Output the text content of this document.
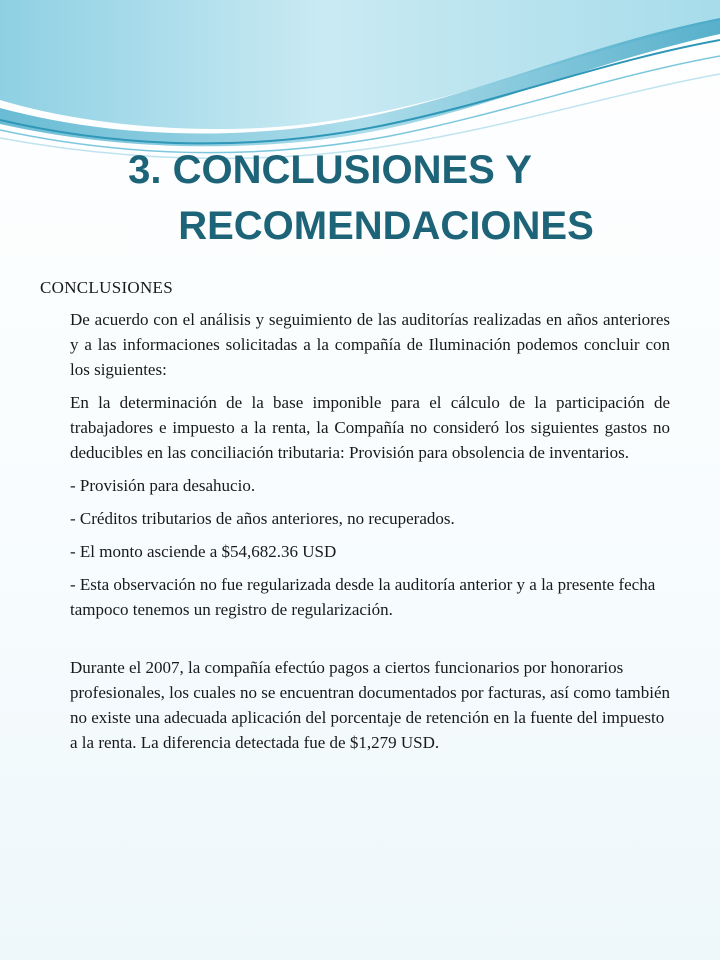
3. CONCLUSIONES Y
RECOMENDACIONES
CONCLUSIONES

De acuerdo con el análisis y seguimiento de las auditorías realizadas en años anteriores y a las informaciones solicitadas a la compañía de Iluminación podemos concluir con los siguientes:

En la determinación de la base imponible para el cálculo de la participación de trabajadores e impuesto a la renta, la Compañía no consideró los siguientes gastos no deducibles en las conciliación tributaria: Provisión para obsolencia de inventarios.

- Provisión para desahucio.

- Créditos tributarios de años anteriores, no recuperados.

- El monto asciende a $54,682.36 USD

- Esta observación no fue regularizada desde la auditoría anterior y a la presente fecha tampoco tenemos un registro de regularización.

Durante el 2007, la compañía efectúo pagos a ciertos funcionarios por honorarios profesionales, los cuales no se encuentran documentados por facturas, así como también no existe una adecuada aplicación del porcentaje de retención en la fuente del impuesto a la renta. La diferencia detectada fue de $1,279 USD.
